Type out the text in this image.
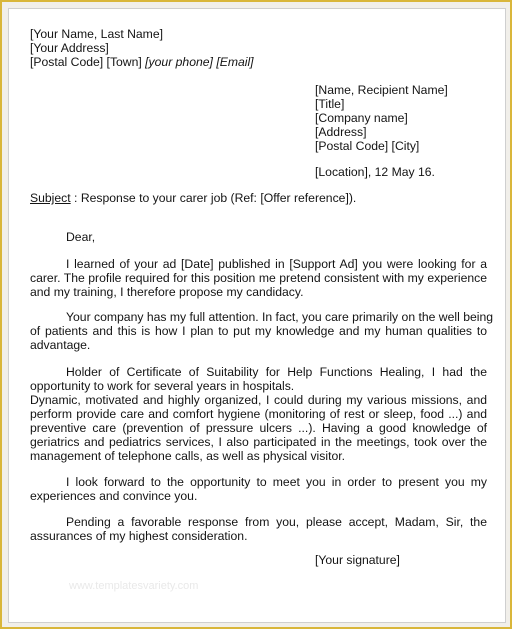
[Your Name, Last Name]
[Your Address]
[Postal Code] [Town] [your phone] [Email]
[Name, Recipient Name]
[Title]
[Company name]
[Address]
[Postal Code] [City]
[Location], 12 May 16.
Subject : Response to your carer job (Ref: [Offer reference]).
Dear,
I learned of your ad [Date] published in [Support Ad] you were looking for a
carer. The profile required for this position me pretend consistent with my experience
and my training, I therefore propose my candidacy.
Your company has my full attention. In fact, you care primarily on the well being
of patients and this is how I plan to put my knowledge and my human qualities to
advantage.
Holder of Certificate of Suitability for Help Functions Healing, I had the
opportunity to work for several years in hospitals.
Dynamic, motivated and highly organized, I could during my various missions, and
perform provide care and comfort hygiene (monitoring of rest or sleep, food ...) and
preventive care (prevention of pressure ulcers ...). Having a good knowledge of
geriatrics and pediatrics services, I also participated in the meetings, took over the
management of telephone calls, as well as physical visitor.
I look forward to the opportunity to meet you in order to present you my
experiences and convince you.
Pending a favorable response from you, please accept, Madam, Sir, the
assurances of my highest consideration.
[Your signature]
www.templatesvariety.com
